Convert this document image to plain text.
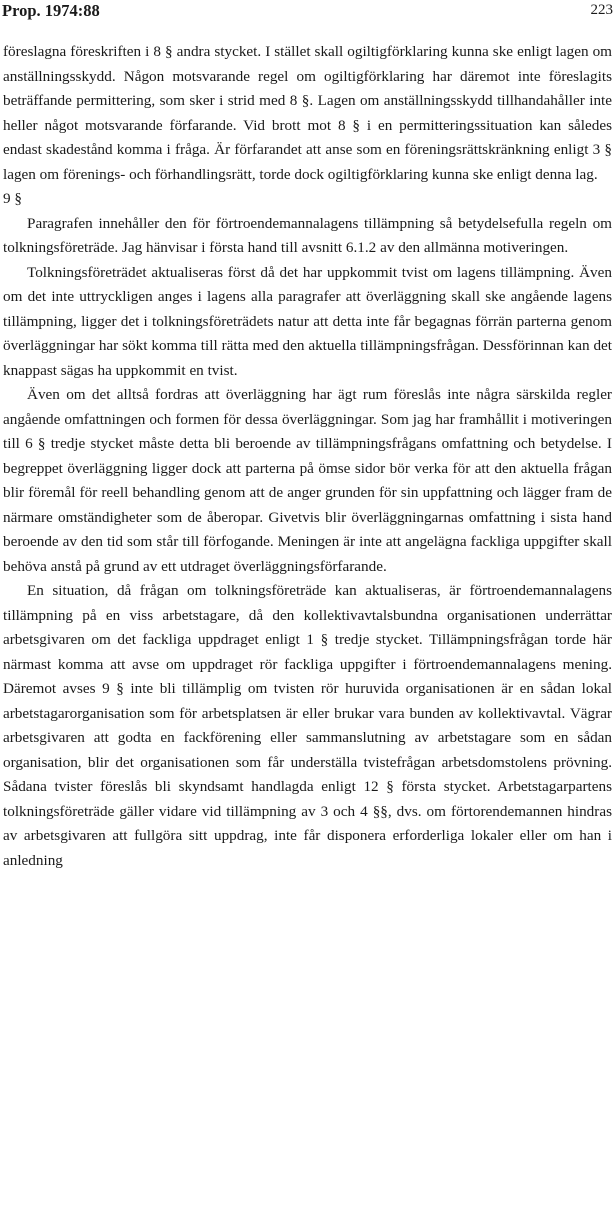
Prop. 1974:88	223

föreslagna föreskriften i 8 § andra stycket. I stället skall ogiltigförklaring kunna ske enligt lagen om anställningsskydd. Någon motsvarande regel om ogiltigförklaring har däremot inte föreslagits beträffande permittering, som sker i strid med 8 §. Lagen om anställningsskydd tillhandahåller inte heller något motsvarande förfarande. Vid brott mot 8 § i en permitteringssituation kan således endast skadestånd komma i fråga. Är förfarandet att anse som en föreningsrättskränkning enligt 3 § lagen om förenings- och förhandlingsrätt, torde dock ogiltigförklaring kunna ske enligt denna lag.

9 §

Paragrafen innehåller den för förtroendemannalagens tillämpning så betydelsefulla regeln om tolkningsföreträde. Jag hänvisar i första hand till avsnitt 6.1.2 av den allmänna motiveringen.

Tolkningsföreträdet aktualiseras först då det har uppkommit tvist om lagens tillämpning. Även om det inte uttryckligen anges i lagens alla paragrafer att överläggning skall ske angående lagens tillämpning, ligger det i tolkningsföreträdets natur att detta inte får begagnas förrän parterna genom överläggningar har sökt komma till rätta med den aktuella tillämpningsfrågan. Dessförinnan kan det knappast sägas ha uppkommit en tvist.

Även om det alltså fordras att överläggning har ägt rum föreslås inte några särskilda regler angående omfattningen och formen för dessa överläggningar. Som jag har framhållit i motiveringen till 6 § tredje stycket måste detta bli beroende av tillämpningsfrågans omfattning och betydelse. I begreppet överläggning ligger dock att parterna på ömse sidor bör verka för att den aktuella frågan blir föremål för reell behandling genom att de anger grunden för sin uppfattning och lägger fram de närmare omständigheter som de åberopar. Givetvis blir överläggningarnas omfattning i sista hand beroende av den tid som står till förfogande. Meningen är inte att angelägna fackliga uppgifter skall behöva anstå på grund av ett utdraget överläggningsförfarande.

En situation, då frågan om tolkningsföreträde kan aktualiseras, är förtroendemannalagens tillämpning på en viss arbetstagare, då den kollektivavtalsbundna organisationen underrättar arbetsgivaren om det fackliga uppdraget enligt 1 § tredje stycket. Tillämpningsfrågan torde här närmast komma att avse om uppdraget rör fackliga uppgifter i förtroendemannalagens mening. Däremot avses 9 § inte bli tillämplig om tvisten rör huruvida organisationen är en sådan lokal arbetstagarorganisation som för arbetsplatsen är eller brukar vara bunden av kollektivavtal. Vägrar arbetsgivaren att godta en fackförening eller sammanslutning av arbetstagare som en sådan organisation, blir det organisationen som får underställa tvistefrågan arbetsdomstolens prövning. Sådana tvister föreslås bli skyndsamt handlagda enligt 12 § första stycket. Arbetstagarpartens tolkningsföreträde gäller vidare vid tillämpning av 3 och 4 §§, dvs. om förtorendemannen hindras av arbetsgivaren att fullgöra sitt uppdrag, inte får disponera erforderliga lokaler eller om han i anledning
